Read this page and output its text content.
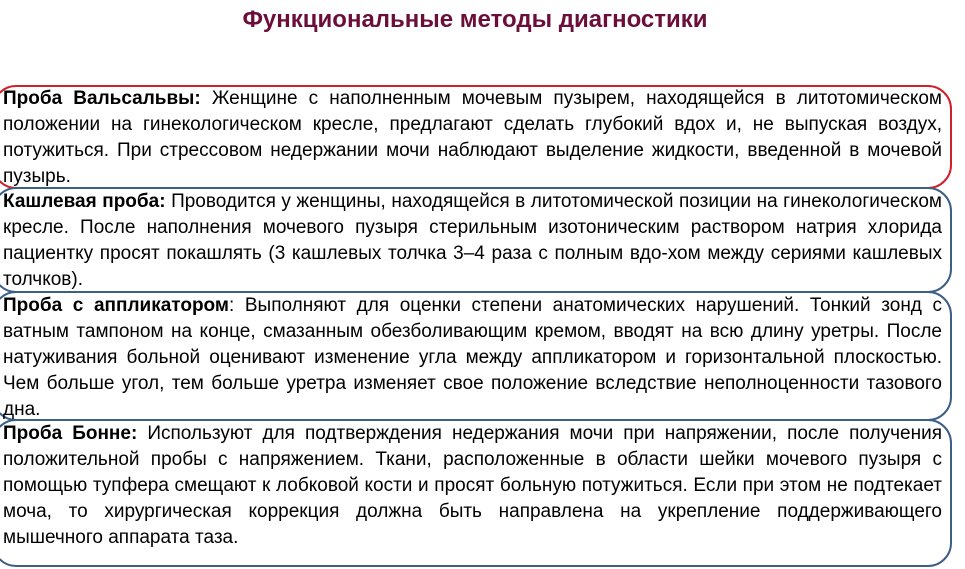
Функциональные методы диагностики
Проба Вальсальвы: Женщине с наполненным мочевым пузырем, находящейся в литотомическом положении на гинекологическом кресле, предлагают сделать глубокий вдох и, не выпуская воздух, потужиться. При стрессовом недержании мочи наблюдают выделение жидкости, введенной в мочевой пузырь.
Кашлевая проба: Проводится у женщины, находящейся в литотомической позиции на гинекологическом кресле. После наполнения мочевого пузыря стерильным изотоническим раствором натрия хлорида пациентку просят покашлять (3 кашлевых толчка 3–4 раза с полным вдо-хом между сериями кашлевых толчков).
Проба с аппликатором: Выполняют для оценки степени анатомических нарушений. Тонкий зонд с ватным тампоном на конце, смазанным обезболивающим кремом, вводят на всю длину уретры. После натуживания больной оценивают изменение угла между аппликатором и горизонтальной плоскостью. Чем больше угол, тем больше уретра изменяет свое положение вследствие неполноценности тазового дна.
Проба Бонне: Используют для подтверждения недержания мочи при напряжении, после получения положительной пробы с напряжением. Ткани, расположенные в области шейки мочевого пузыря с помощью тупфера смещают к лобковой кости и просят больную потужиться. Если при этом не подтекает моча, то хирургическая коррекция должна быть направлена на укрепление поддерживающего мышечного аппарата таза.
